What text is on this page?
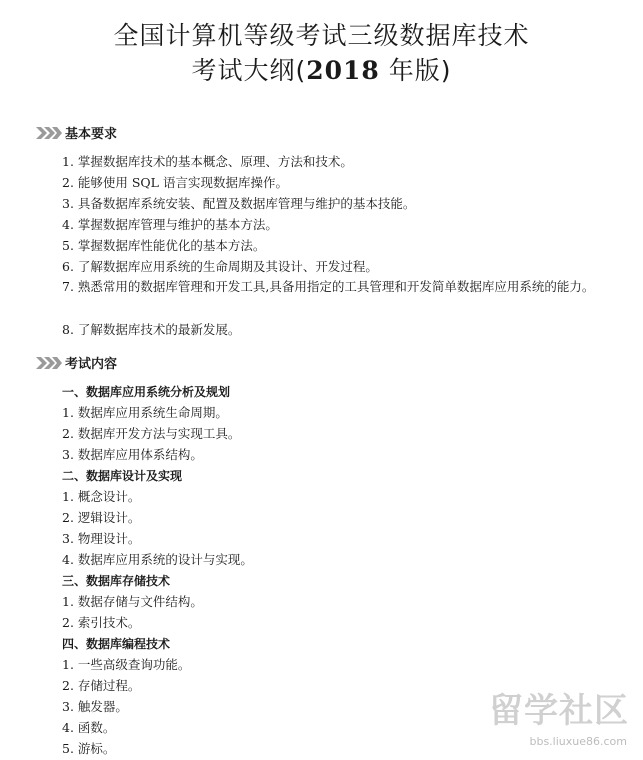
全国计算机等级考试三级数据库技术
考试大纲(2018 年版)
基本要求
1. 掌握数据库技术的基本概念、原理、方法和技术。
2. 能够使用 SQL 语言实现数据库操作。
3. 具备数据库系统安装、配置及数据库管理与维护的基本技能。
4. 掌握数据库管理与维护的基本方法。
5. 掌握数据库性能优化的基本方法。
6. 了解数据库应用系统的生命周期及其设计、开发过程。
7. 熟悉常用的数据库管理和开发工具,具备用指定的工具管理和开发简单数据库应用系统的能力。
8. 了解数据库技术的最新发展。
考试内容
一、数据库应用系统分析及规划
1. 数据库应用系统生命周期。
2. 数据库开发方法与实现工具。
3. 数据库应用体系结构。
二、数据库设计及实现
1. 概念设计。
2. 逻辑设计。
3. 物理设计。
4. 数据库应用系统的设计与实现。
三、数据库存储技术
1. 数据存储与文件结构。
2. 索引技术。
四、数据库编程技术
1. 一些高级查询功能。
2. 存储过程。
3. 触发器。
4. 函数。
5. 游标。
留学社区
bbs.liuxue86.com
